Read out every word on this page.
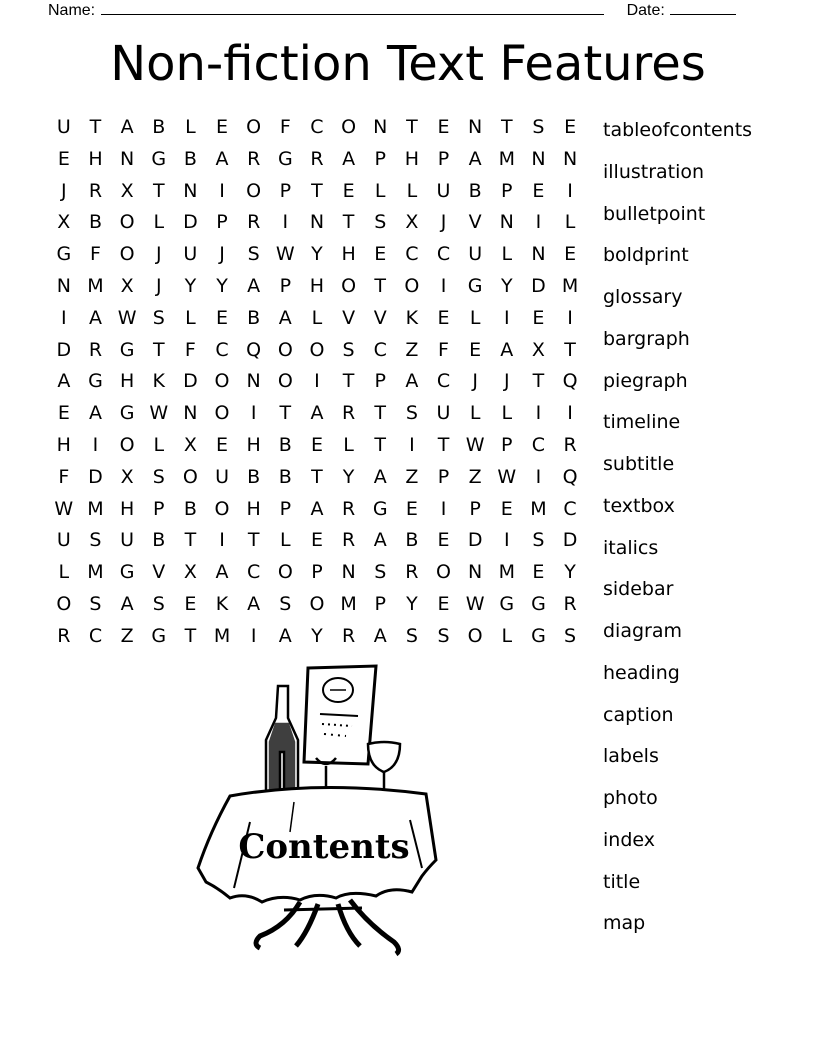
Name:	Date:
Non-fiction Text Features
U T	A B	L	E O F	C O N T	E N T	S	E
E H N G B A R G R A	P H P	A M N N
J	R X	T N	I	O P	T	E	L	L	U B	P	E	I
X B O L	D P	R	I	N T	S	X	J	V N	I	L
G F O	J	U	J	S W Y H E C C U	L	N E
N M X	J	Y	Y	A	P H O T O	I	G Y D M
I	A W S	L	E	B A	L	V V K	E	L	I	E	I
D R G T	F	C Q O O S C Z	F	E	A X	T
A G H K D O N O	I	T	P	A C	J	J	T Q
E	A G W N O	I	T	A R	T	S U	L	L	I	I
H	I	O L	X	E H B	E	L	T	I	T W P	C R
F D X	S O U B B	T	Y	A Z	P	Z W	I	Q
W M H P	B O H P	A R G E	I	P	E M C
U S U B	T	I	T	L	E	R A B	E D	I	S D
L M G V X A C O P N S	R O N M E	Y
O S	A	S	E	K A	S O M P	Y	E W G G R
R C Z G T M	I	A	Y	R A	S	S O L G S
tableofcontents
illustration
bulletpoint
boldprint
glossary
bargraph
piegraph
timeline
subtitle
textbox
italics
sidebar
diagram
heading
caption
labels
photo
index
title
map
Contents
